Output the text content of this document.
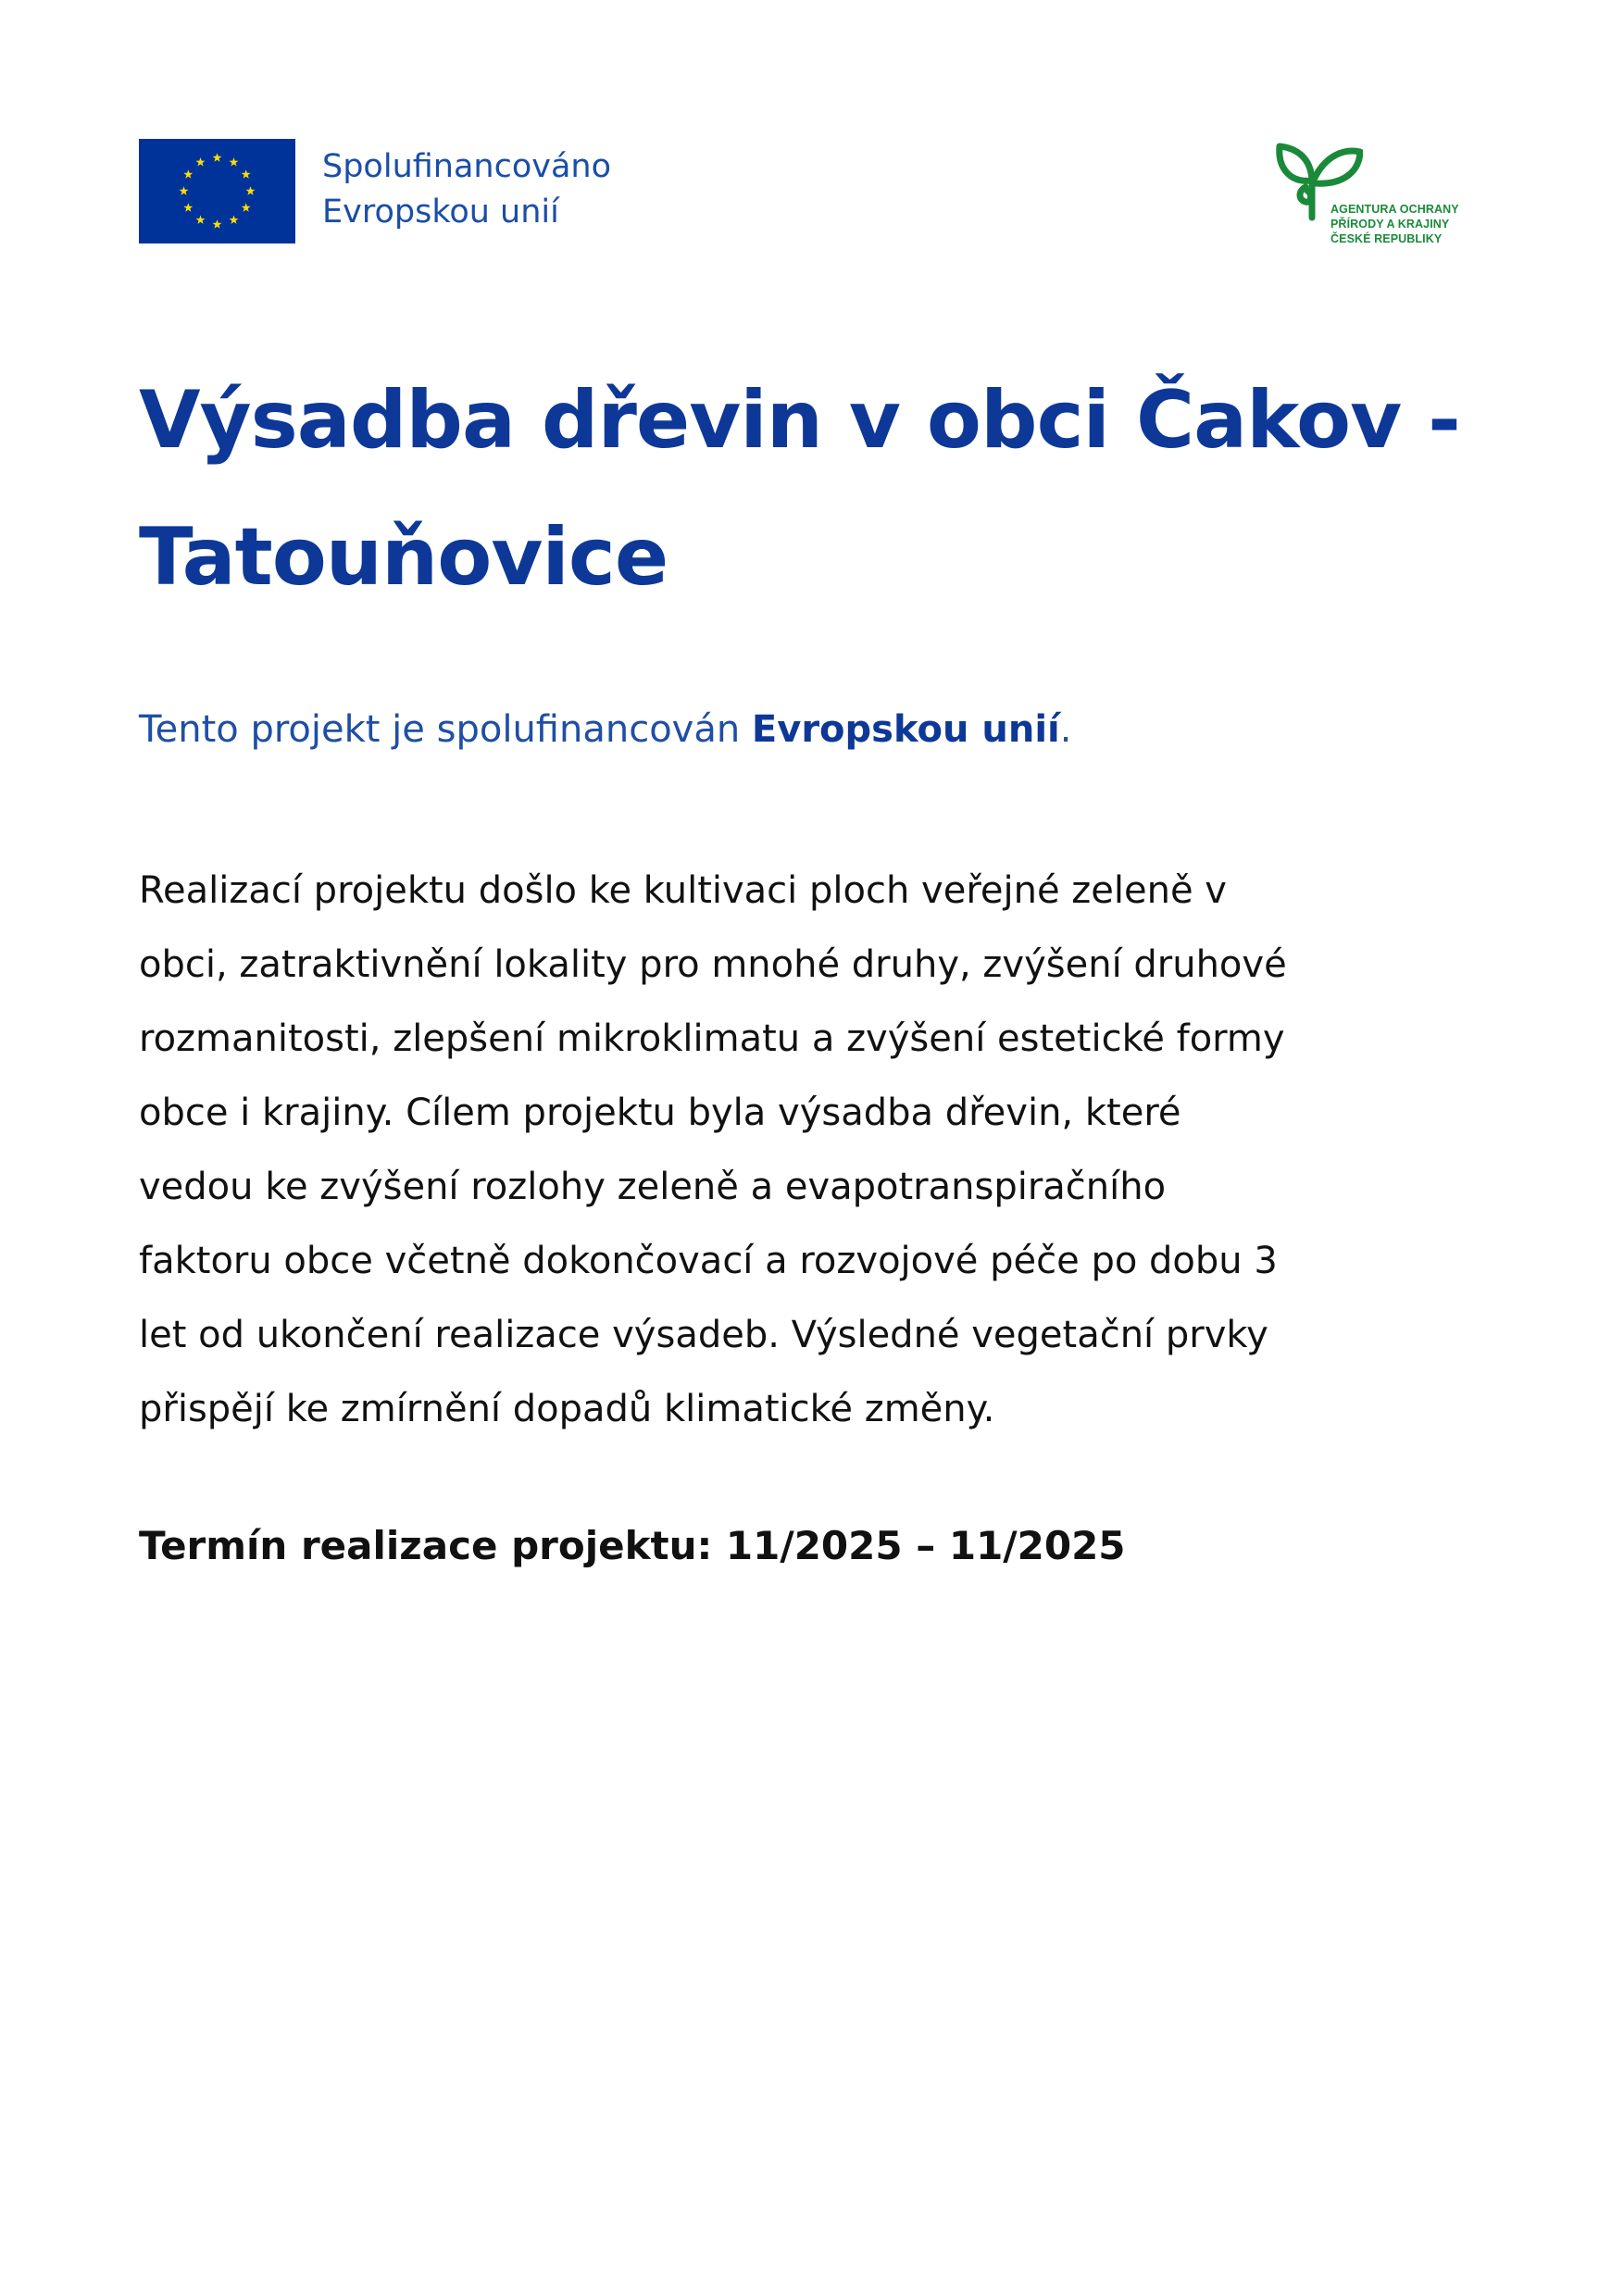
Spolufinancováno
Evropskou unií	AGENTURA OCHRANY
PŘÍRODY A KRAJINY
ČESKÉ REPUBLIKY
Výsadba dřevin v obci Čakov -
Tatouňovice

Tento projekt je spolufinancován Evropskou unií.

Realizací projektu došlo ke kultivaci ploch veřejné zeleně v
obci, zatraktivnění lokality pro mnohé druhy, zvýšení druhové
rozmanitosti, zlepšení mikroklimatu a zvýšení estetické formy
obce i krajiny. Cílem projektu byla výsadba dřevin, které
vedou ke zvýšení rozlohy zeleně a evapotranspiračního
faktoru obce včetně dokončovací a rozvojové péče po dobu 3
let od ukončení realizace výsadeb. Výsledné vegetační prvky
přispějí ke zmírnění dopadů klimatické změny.

Termín realizace projektu: 11/2025 – 11/2025
